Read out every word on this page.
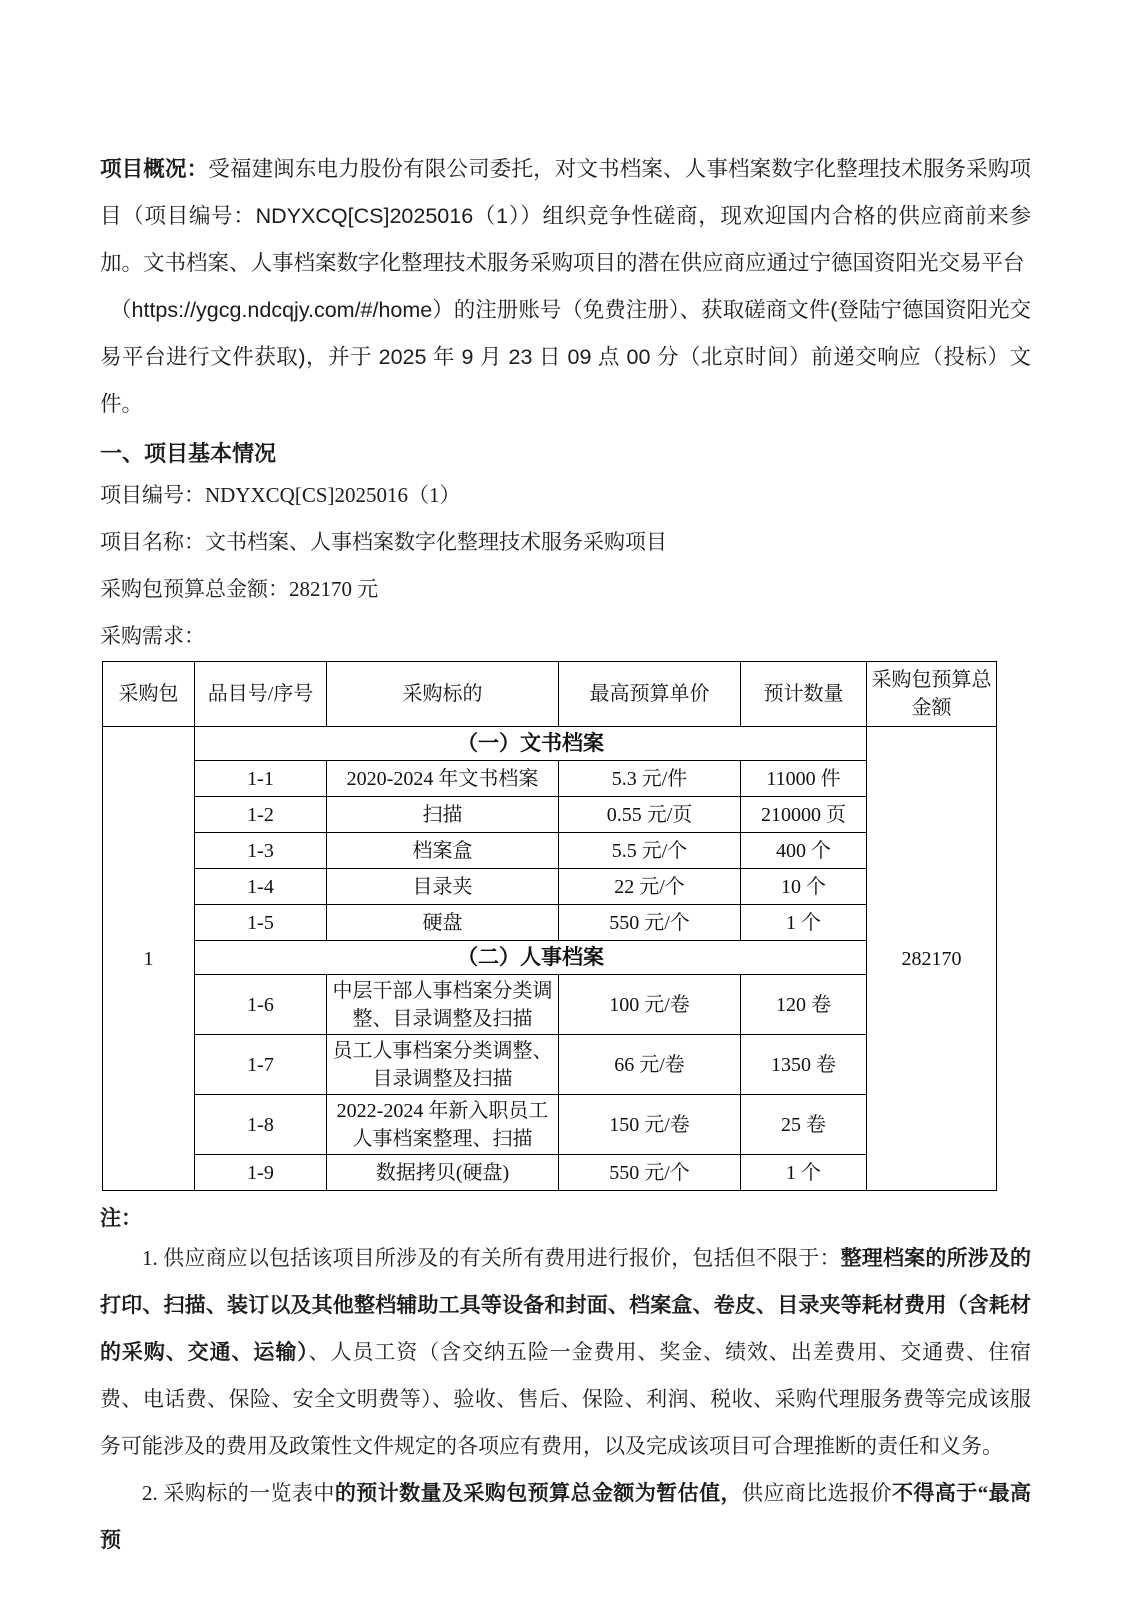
项目概况：受福建闽东电力股份有限公司委托，对文书档案、人事档案数字化整理技术服务采购项目（项目编号：NDYXCQ[CS]2025016（1））组织竞争性磋商，现欢迎国内合格的供应商前来参加。文书档案、人事档案数字化整理技术服务采购项目的潜在供应商应通过宁德国资阳光交易平台

（https://ygcg.ndcqjy.com/#/home）的注册账号（免费注册）、获取磋商文件(登陆宁德国资阳光交易平台进行文件获取)，并于 2025 年 9 月 23 日 09 点 00 分（北京时间）前递交响应（投标）文件。

一、项目基本情况

项目编号：NDYXCQ[CS]2025016（1）

项目名称：文书档案、人事档案数字化整理技术服务采购项目

采购包预算总金额：282170 元

采购需求：

采购包	品目号/序号	采购标的	最高预算单价	预计数量	采购包预算总金额
1	（一）文书档案				282170
	1-1	2020-2024 年文书档案	5.3 元/件	11000 件	
	1-2	扫描	0.55 元/页	210000 页	
	1-3	档案盒	5.5 元/个	400 个	
	1-4	目录夹	22 元/个	10 个	
	1-5	硬盘	550 元/个	1 个	
	（二）人事档案				
	1-6	中层干部人事档案分类调整、目录调整及扫描	100 元/卷	120 卷	
	1-7	员工人事档案分类调整、目录调整及扫描	66 元/卷	1350 卷	
	1-8	2022-2024 年新入职员工人事档案整理、扫描	150 元/卷	25 卷	
	1-9	数据拷贝(硬盘)	550 元/个	1 个	

注：

1. 供应商应以包括该项目所涉及的有关所有费用进行报价，包括但不限于：整理档案的所涉及的打印、扫描、装订以及其他整档辅助工具等设备和封面、档案盒、卷皮、目录夹等耗材费用（含耗材的采购、交通、运输）、人员工资（含交纳五险一金费用、奖金、绩效、出差费用、交通费、住宿费、电话费、保险、安全文明费等）、验收、售后、保险、利润、税收、采购代理服务费等完成该服务可能涉及的费用及政策性文件规定的各项应有费用，以及完成该项目可合理推断的责任和义务。

2. 采购标的一览表中的预计数量及采购包预算总金额为暂估值，供应商比选报价不得高于“最高预
